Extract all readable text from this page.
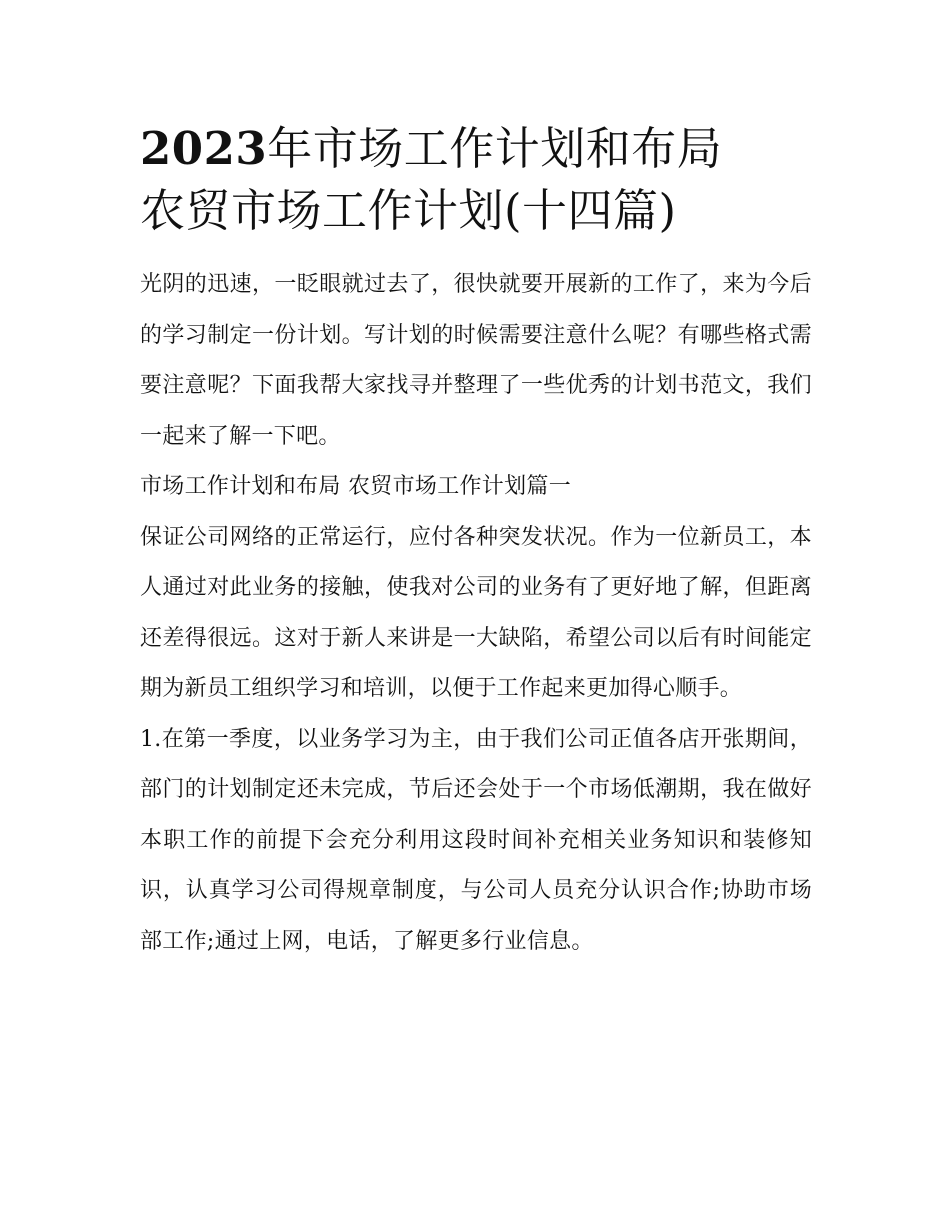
2023年市场工作计划和布局
农贸市场工作计划(十四篇)

光阴的迅速，一眨眼就过去了，很快就要开展新的工作了，来为今后的学习制定一份计划。写计划的时候需要注意什么呢？有哪些格式需要注意呢？下面我帮大家找寻并整理了一些优秀的计划书范文，我们一起来了解一下吧。

市场工作计划和布局 农贸市场工作计划篇一

保证公司网络的正常运行，应付各种突发状况。作为一位新员工，本人通过对此业务的接触，使我对公司的业务有了更好地了解，但距离还差得很远。这对于新人来讲是一大缺陷，希望公司以后有时间能定期为新员工组织学习和培训，以便于工作起来更加得心顺手。

1.在第一季度，以业务学习为主，由于我们公司正值各店开张期间，部门的计划制定还未完成，节后还会处于一个市场低潮期，我在做好本职工作的前提下会充分利用这段时间补充相关业务知识和装修知识，认真学习公司得规章制度，与公司人员充分认识合作;协助市场部工作;通过上网，电话，了解更多行业信息。
